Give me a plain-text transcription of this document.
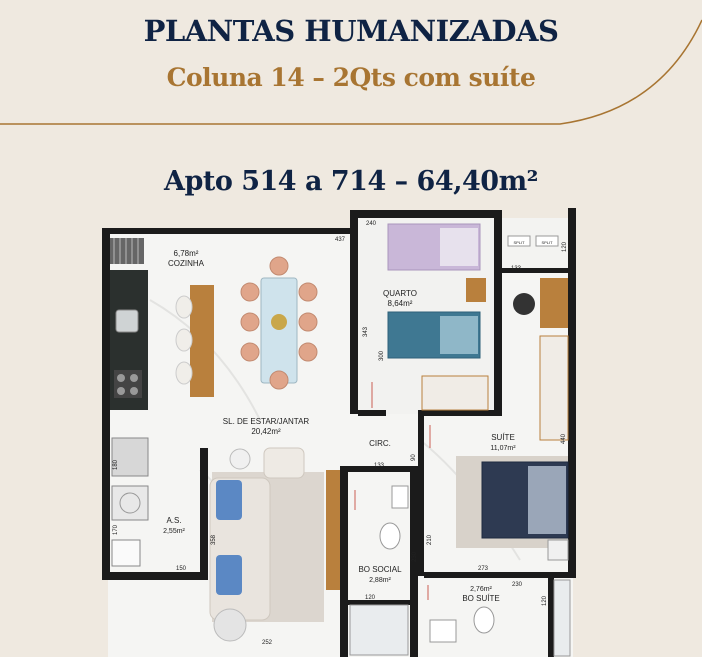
PLANTAS HUMANIZADAS
Coluna 14 – 2Qts com suíte
Apto 514 a 714 – 64,40m²
SPLIT	SPLIT
6,78m²
COZINHA
QUARTO
8,64m²
SL. DE ESTAR/JANTAR
20,42m²
CIRC.
SUÍTE
11,07m²
A.S.
2,55m²
BO SOCIAL
2,88m²
2,76m²
BO SUÍTE
437
240
120
133
343
300
133
90
180
170
150
358
230
210
273
230
120	120
252
440
